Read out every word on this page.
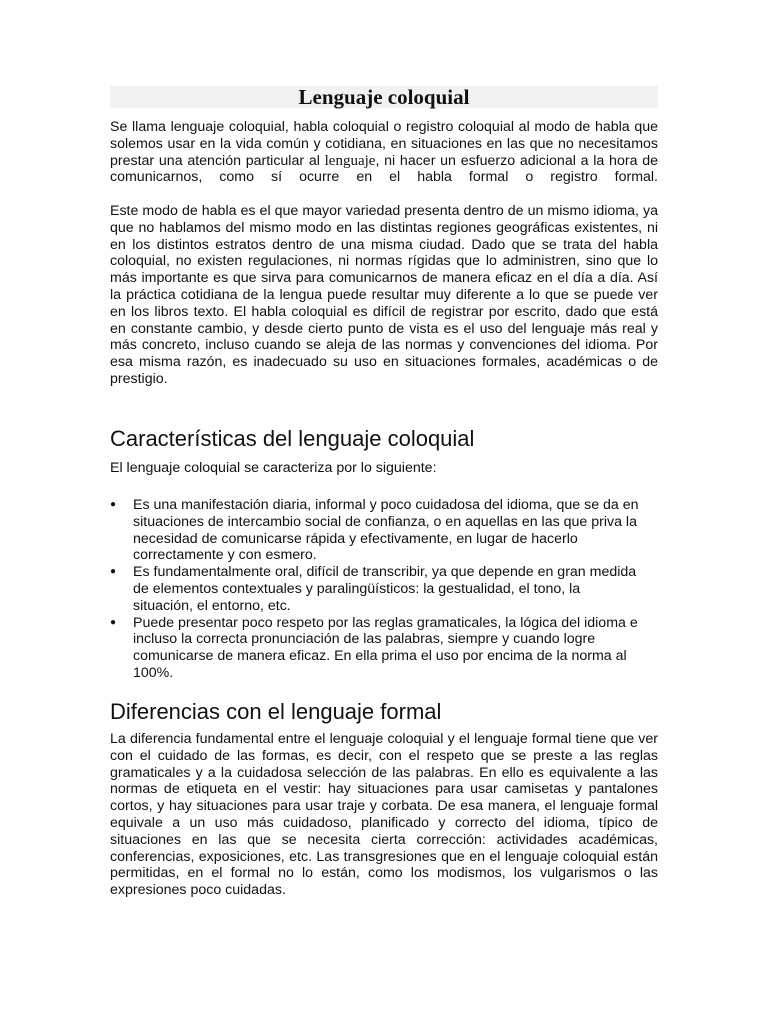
Lenguaje coloquial

Se llama lenguaje coloquial, habla coloquial o registro coloquial al modo de habla que solemos usar en la vida común y cotidiana, en situaciones en las que no necesitamos prestar una atención particular al lenguaje, ni hacer un esfuerzo adicional a la hora de comunicarnos, como sí ocurre en el habla formal o registro formal.

Este modo de habla es el que mayor variedad presenta dentro de un mismo idioma, ya que no hablamos del mismo modo en las distintas regiones geográficas existentes, ni en los distintos estratos dentro de una misma ciudad. Dado que se trata del habla coloquial, no existen regulaciones, ni normas rígidas que lo administren, sino que lo más importante es que sirva para comunicarnos de manera eficaz en el día a día. Así la práctica cotidiana de la lengua puede resultar muy diferente a lo que se puede ver en los libros texto. El habla coloquial es difícil de registrar por escrito, dado que está en constante cambio, y desde cierto punto de vista es el uso del lenguaje más real y más concreto, incluso cuando se aleja de las normas y convenciones del idioma. Por esa misma razón, es inadecuado su uso en situaciones formales, académicas o de prestigio.

Características del lenguaje coloquial

El lenguaje coloquial se caracteriza por lo siguiente:

● Es una manifestación diaria, informal y poco cuidadosa del idioma, que se da en situaciones de intercambio social de confianza, o en aquellas en las que priva la necesidad de comunicarse rápida y efectivamente, en lugar de hacerlo correctamente y con esmero.
● Es fundamentalmente oral, difícil de transcribir, ya que depende en gran medida de elementos contextuales y paralingüísticos: la gestualidad, el tono, la situación, el entorno, etc.
● Puede presentar poco respeto por las reglas gramaticales, la lógica del idioma e incluso la correcta pronunciación de las palabras, siempre y cuando logre comunicarse de manera eficaz. En ella prima el uso por encima de la norma al 100%.
Diferencias con el lenguaje formal

La diferencia fundamental entre el lenguaje coloquial y el lenguaje formal tiene que ver con el cuidado de las formas, es decir, con el respeto que se preste a las reglas gramaticales y a la cuidadosa selección de las palabras. En ello es equivalente a las normas de etiqueta en el vestir: hay situaciones para usar camisetas y pantalones cortos, y hay situaciones para usar traje y corbata. De esa manera, el lenguaje formal equivale a un uso más cuidadoso, planificado y correcto del idioma, típico de situaciones en las que se necesita cierta corrección: actividades académicas, conferencias, exposiciones, etc. Las transgresiones que en el lenguaje coloquial están permitidas, en el formal no lo están, como los modismos, los vulgarismos o las expresiones poco cuidadas.
